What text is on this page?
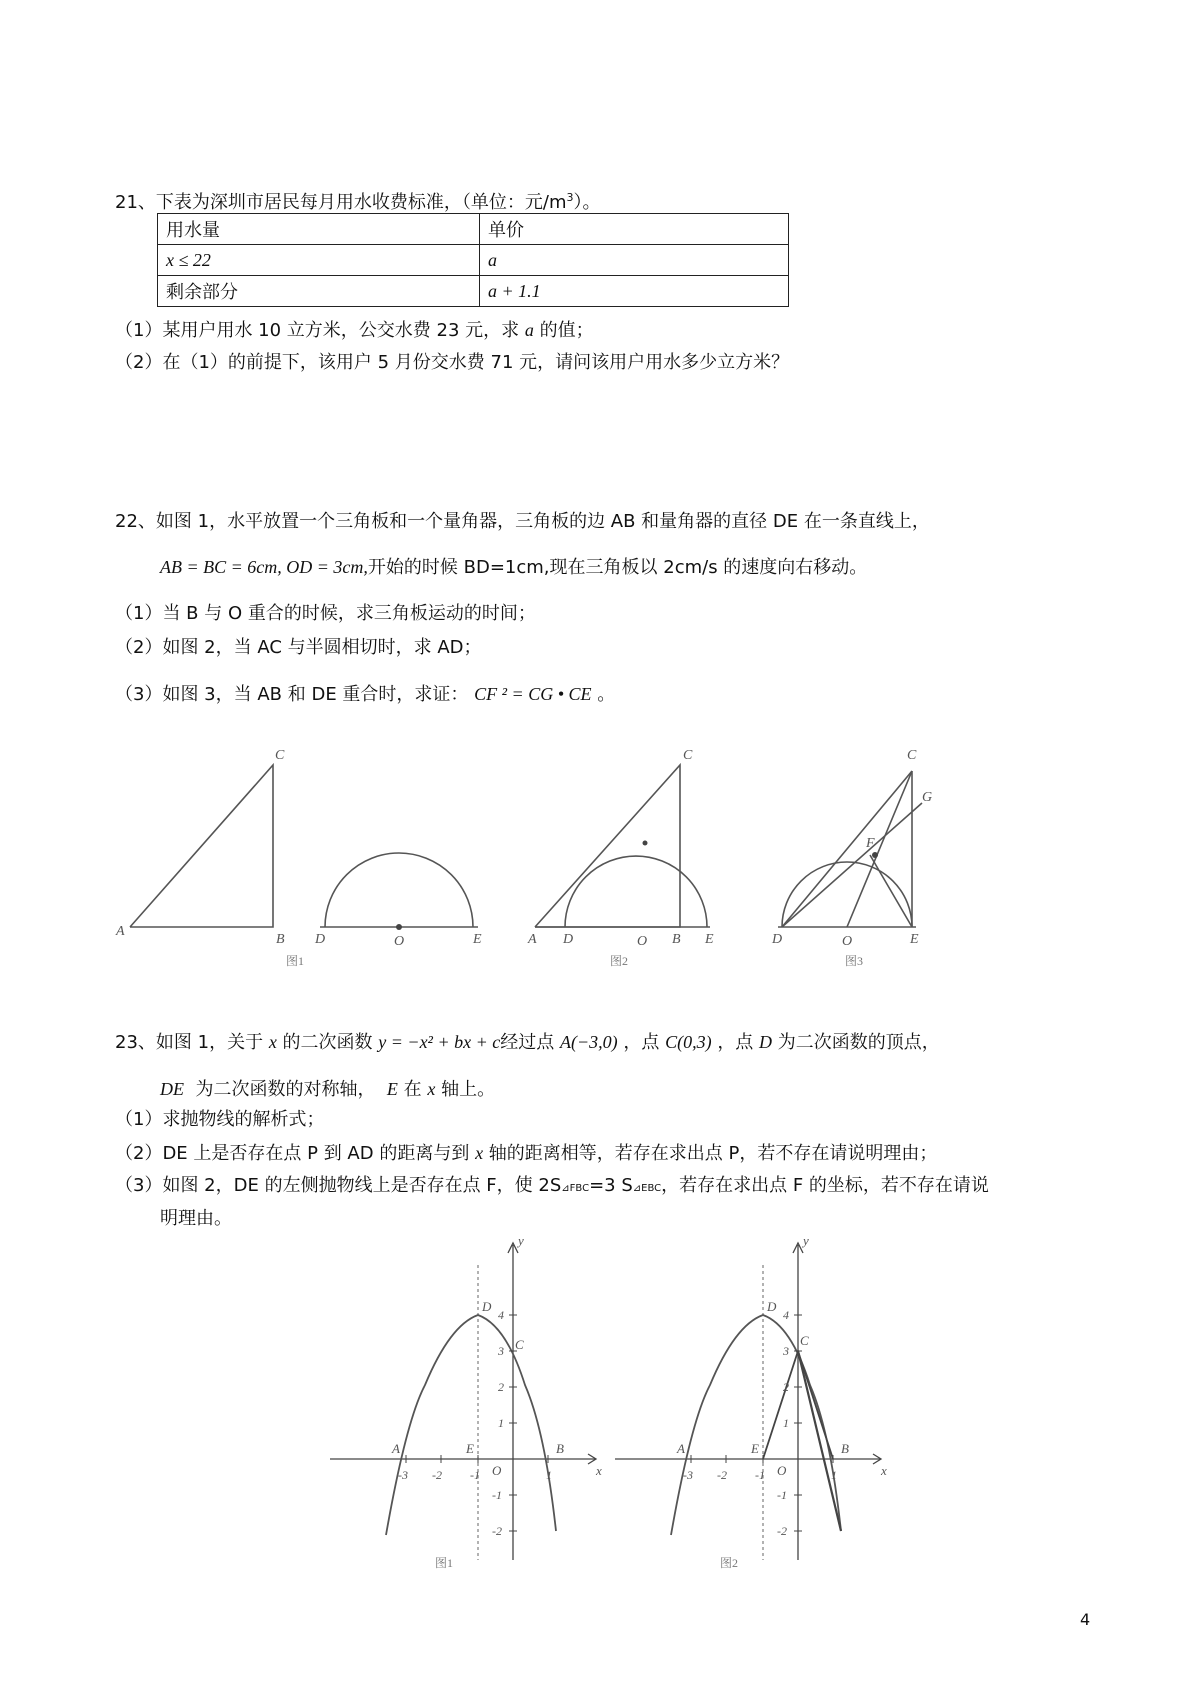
21、下表为深圳市居民每月用水收费标准，（单位：元$/m^3$）。
用水量	单价
x ≤ 22	a
剩余部分	a + 1.1
（1）某用户用水 10 立方米，公交水费 23 元，求 a 的值；
（2）在（1）的前提下，该用户 5 月份交水费 71 元，请问该用户用水多少立方米？
22、如图 1，水平放置一个三角板和一个量角器，三角板的边 AB 和量角器的直径 DE 在一条直线上，
AB = BC = 6cm, OD = 3cm,开始的时候 BD=1cm,现在三角板以 2cm/s 的速度向右移动。
（1）当 B 与 O 重合的时候，求三角板运动的时间；
（2）如图 2，当 AC 与半圆相切时，求 AD；
（3）如图 3，当 AB 和 DE 重合时，求证： CF ² = CG • CE 。
A
C
B D	O	E
图1
A D	O B E
C
图2
D	O	E
C
G
F
图3
23、如图 1，关于 x 的二次函数 y = −x² + bx + c经过点 A(−3,0) ，点 C(0,3) ，点 D 为二次函数的顶点，
DE 为二次函数的对称轴， E 在 x 轴上。
（1）求抛物线的解析式；
（2）DE 上是否存在点 P 到 AD 的距离与到 x 轴的距离相等，若存在求出点 P，若不存在请说明理由；
（3）如图 2，DE 的左侧抛物线上是否存在点 F，使 2S⊿FBC=3 S⊿EBC，若存在求出点 F 的坐标，若不存在请说
明理由。
x
y
O
-3 -2 -1	1
4
3
2
1
-1
-2
A	B
C
D
E
图1
x
y
O
-3 -2 -1	1
4
3
2
1
-1
-2
A	B
C
D
E
图2
4
